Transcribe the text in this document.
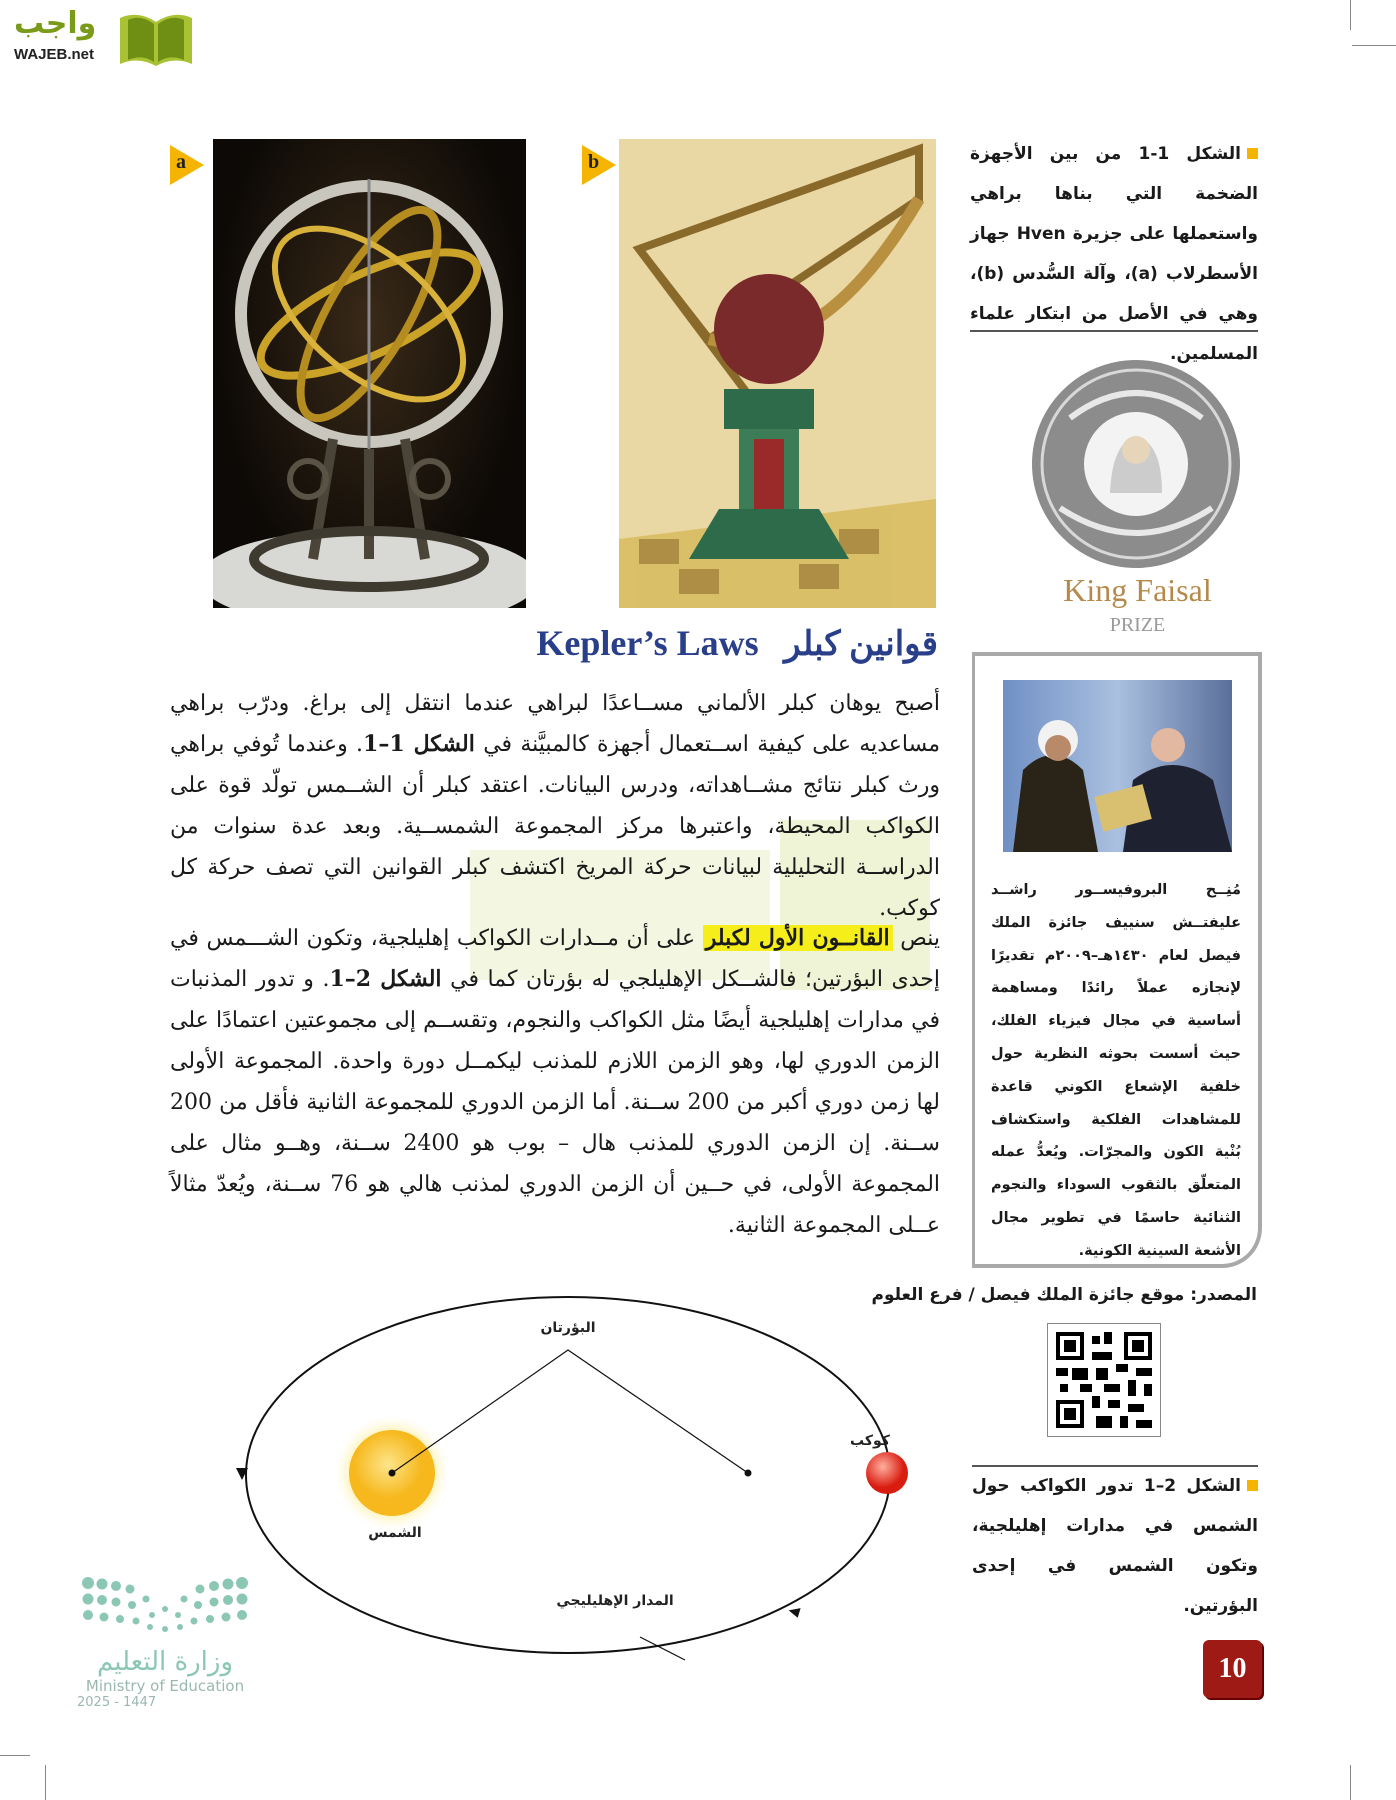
واجب
WAJEB.net
a	b	الشكل 1-1 من بين الأجهزة الضخمة التي بناها براهي واستعملها على جزيرة Hven جهاز الأسطرلاب (a)، وآلة السُّدس (b)، وهي في الأصل من ابتكار علماء المسلمين.
King Faisal
PRIZE
قوانين كبلر   Kepler’s Laws

أصبح يوهان كبلر الألماني مســاعدًا لبراهي عندما انتقل إلى براغ. ودرّب براهي مساعديه على كيفية اســتعمال أجهزة كالمبيَّنة في الشكل 1–1. وعندما تُوفي براهي ورث كبلر نتائج مشــاهداته، ودرس البيانات. اعتقد كبلر أن الشــمس تولّد قوة على الكواكب المحيطة، واعتبرها مركز المجموعة الشمســية. وبعد عدة سنوات من الدراســة التحليلية لبيانات حركة المريخ اكتشف كبلر القوانين التي تصف حركة كل كوكب.

ينص القانــون الأول لكبلر على أن مــدارات الكواكب إهليلجية، وتكون الشـــمس في إحدى البؤرتين؛ فالشــكل الإهليلجي له بؤرتان كما في الشكل 2–1. و تدور المذنبات في مدارات إهليلجية أيضًا مثل الكواكب والنجوم، وتقســم إلى مجموعتين اعتمادًا على الزمن الدوري لها، وهو الزمن اللازم للمذنب ليكمــل دورة واحدة. المجموعة الأولى لها زمن دوري أكبر من 200 ســنة. أما الزمن الدوري للمجموعة الثانية فأقل من 200 ســنة. إن الزمن الدوري للمذنب هال – بوب هو 2400 ســنة، وهــو مثال على المجموعة الأولى، في حــين أن الزمن الدوري لمذنب هالي هو 76 ســنة، ويُعدّ مثالاً عــلى المجموعة الثانية.

مُنِــح البروفيســور راشــد عليفتــش سنييف جائزة الملك فيصل لعام ١٤٣٠هـ–٢٠٠٩م تقديرًا لإنجازه عملاً رائدًا ومساهمة أساسية في مجال فيزياء الفلك، حيث أسست بحوثه النظرية حول خلفية الإشعاع الكوني قاعدة للمشاهدات الفلكية واستكشاف بُنْية الكون والمجرّات. ويُعدُّ عمله المتعلّق بالثقوب السوداء والنجوم الثنائية حاسمًا في تطوير مجال الأشعة السينية الكونية.

المصدر: موقع جائزة الملك فيصل / فرع العلوم
الشكل 2–1 تدور الكواكب حول الشمس في مدارات إهليلجية، وتكون الشمس في إحدى البؤرتين.
البؤرتان
كوكب
الشمس
المدار الإهليليجي
وزارة التعليم
Ministry of Education
2025 - 1447
10
